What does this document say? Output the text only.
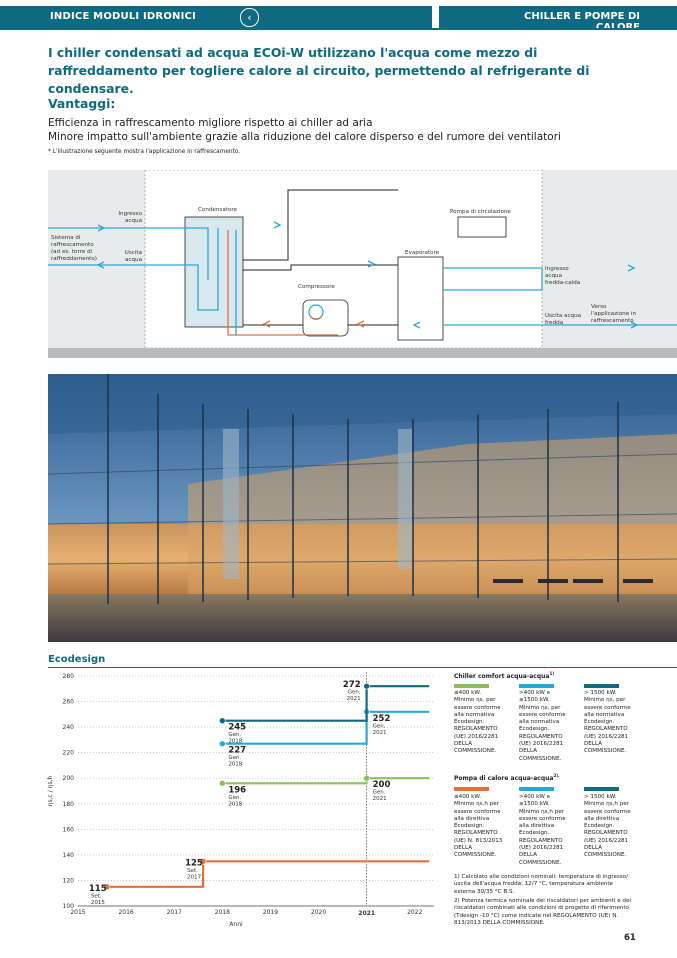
INDICE MODULI IDRONICI	‹	CHILLER E POMPE DI
I chiller condensati ad acqua ECOi-W utilizzano l'acqua come mezzo di raffreddamento per togliere calore al circuito, permettendo al refrigerante di condensare.
Vantaggi:
Efficienza in raffrescamento migliore rispetto ai chiller ad aria
Minore impatto sull'ambiente grazie alla riduzione del calore disperso e del rumore dei ventilatori
* L'illustrazione seguente mostra l'applicazione in raffrescamento.
Sistema di
raffrescamento
(ad es. torre di
raffreddamento)
Ingresso
acqua
Uscita
acqua
Condensatore	Pompa di circolazione
Evaporatore
Compressore
Ingresso
acqua
fredda-calda
Uscita acqua
fredda
Verso
l'applicazione in
raffrescamento
Ecodesign
100
120
140
160
180
200
220
240
260
280
2015	2016	2017	2018	2019	2020	2021	2022
115
Set.
2015
125
Set.
2017
196
Gen.
2018
227
Gen.
2018
245
Gen.
2018
200
Gen.
2021
252
Gen.
2021
272
Gen.
2021
Anni
ηs,c / ηs,h
Chiller comfort acqua-acqua$^{1)}$
≤400 kW.
Minimo ηs, per
essere conforme
alla normativa
Ecodesign.
REGOLAMENTO
(UE) 2016/2281
DELLA
COMMISSIONE.
>400 kW e
≤1500 kW.
Minimo ηs, per
essere conforme
alla normativa
Ecodesign.
REGOLAMENTO
(UE) 2016/2281
DELLA
COMMISSIONE.
> 1500 kW.
Minimo ηs, per
essere conforme
alla normativa
Ecodesign.
REGOLAMENTO
(UE) 2016/2281
DELLA
COMMISSIONE.
Pompa di calore acqua-acqua$^{2).}$
≤400 kW.
Minimo ηs,h per
essere conforme
alla direttiva
Ecodesign.
REGOLAMENTO
(UE) N. 813/2013
DELLA
COMMISSIONE.
>400 kW e
≤1500 kW.
Minimo ηs,h per
essere conforme
alla direttiva
Ecodesign.
REGOLAMENTO
(UE) 2016/2281
DELLA
COMMISSIONE.
> 1500 kW.
Minimo ηs,h per
essere conforme
alla direttiva
Ecodesign.
REGOLAMENTO
(UE) 2016/2281
DELLA
COMMISSIONE.
1) Calcolato alle condizioni nominali: temperatura di ingresso/
uscita dell'acqua fredda: 12/7 °C, temperatura ambiente
esterna 30/35 °C B.S.
2) Potenza termica nominale dei riscaldatori per ambienti e dei
riscaldatori combinati alle condizioni di progetto di riferimento
(Tdesign -10 °C) come indicate nel REGOLAMENTO (UE) N.
813/2013 DELLA COMMISSIONE.
61
